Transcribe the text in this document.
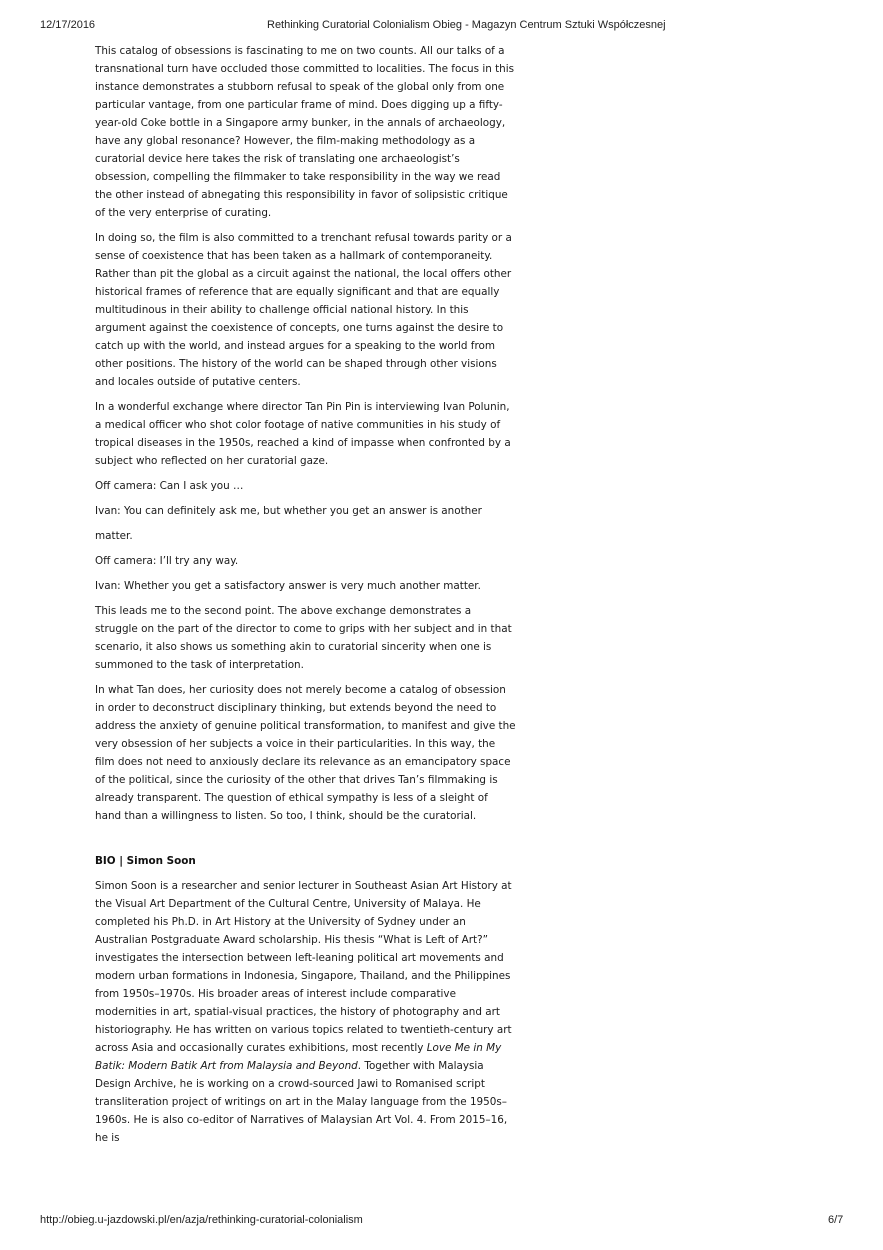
12/17/2016	Rethinking Curatorial Colonialism Obieg - Magazyn Centrum Sztuki Współczesnej

This catalog of obsessions is fascinating to me on two counts. All our talks of a transnational turn have occluded those committed to localities. The focus in this instance demonstrates a stubborn refusal to speak of the global only from one particular vantage, from one particular frame of mind. Does digging up a fifty-year-old Coke bottle in a Singapore army bunker, in the annals of archaeology, have any global resonance? However, the film-making methodology as a curatorial device here takes the risk of translating one archaeologist’s obsession, compelling the filmmaker to take responsibility in the way we read the other instead of abnegating this responsibility in favor of solipsistic critique of the very enterprise of curating.

In doing so, the film is also committed to a trenchant refusal towards parity or a sense of coexistence that has been taken as a hallmark of contemporaneity. Rather than pit the global as a circuit against the national, the local offers other historical frames of reference that are equally significant and that are equally multitudinous in their ability to challenge official national history. In this argument against the coexistence of concepts, one turns against the desire to catch up with the world, and instead argues for a speaking to the world from other positions. The history of the world can be shaped through other visions and locales outside of putative centers.

In a wonderful exchange where director Tan Pin Pin is interviewing Ivan Polunin, a medical officer who shot color footage of native communities in his study of tropical diseases in the 1950s, reached a kind of impasse when confronted by a subject who reflected on her curatorial gaze.

Off camera: Can I ask you …

Ivan: You can definitely ask me, but whether you get an answer is another

matter.

Off camera: I’ll try any way.

Ivan: Whether you get a satisfactory answer is very much another matter.

This leads me to the second point. The above exchange demonstrates a struggle on the part of the director to come to grips with her subject and in that scenario, it also shows us something akin to curatorial sincerity when one is summoned to the task of interpretation.

In what Tan does, her curiosity does not merely become a catalog of obsession in order to deconstruct disciplinary thinking, but extends beyond the need to address the anxiety of genuine political transformation, to manifest and give the very obsession of her subjects a voice in their particularities. In this way, the film does not need to anxiously declare its relevance as an emancipatory space of the political, since the curiosity of the other that drives Tan’s filmmaking is already transparent. The question of ethical sympathy is less of a sleight of hand than a willingness to listen. So too, I think, should be the curatorial.

BIO | Simon Soon

Simon Soon is a researcher and senior lecturer in Southeast Asian Art History at the Visual Art Department of the Cultural Centre, University of Malaya. He completed his Ph.D. in Art History at the University of Sydney under an Australian Postgraduate Award scholarship. His thesis “What is Left of Art?” investigates the intersection between left-leaning political art movements and modern urban formations in Indonesia, Singapore, Thailand, and the Philippines from 1950s–1970s. His broader areas of interest include comparative modernities in art, spatial-visual practices, the history of photography and art historiography. He has written on various topics related to twentieth-century art across Asia and occasionally curates exhibitions, most recently Love Me in My Batik: Modern Batik Art from Malaysia and Beyond. Together with Malaysia Design Archive, he is working on a crowd-sourced Jawi to Romanised script transliteration project of writings on art in the Malay language from the 1950s–1960s. He is also co-editor of Narratives of Malaysian Art Vol. 4. From 2015–16, he is

http://obieg.u-jazdowski.pl/en/azja/rethinking-curatorial-colonialism	6/7
